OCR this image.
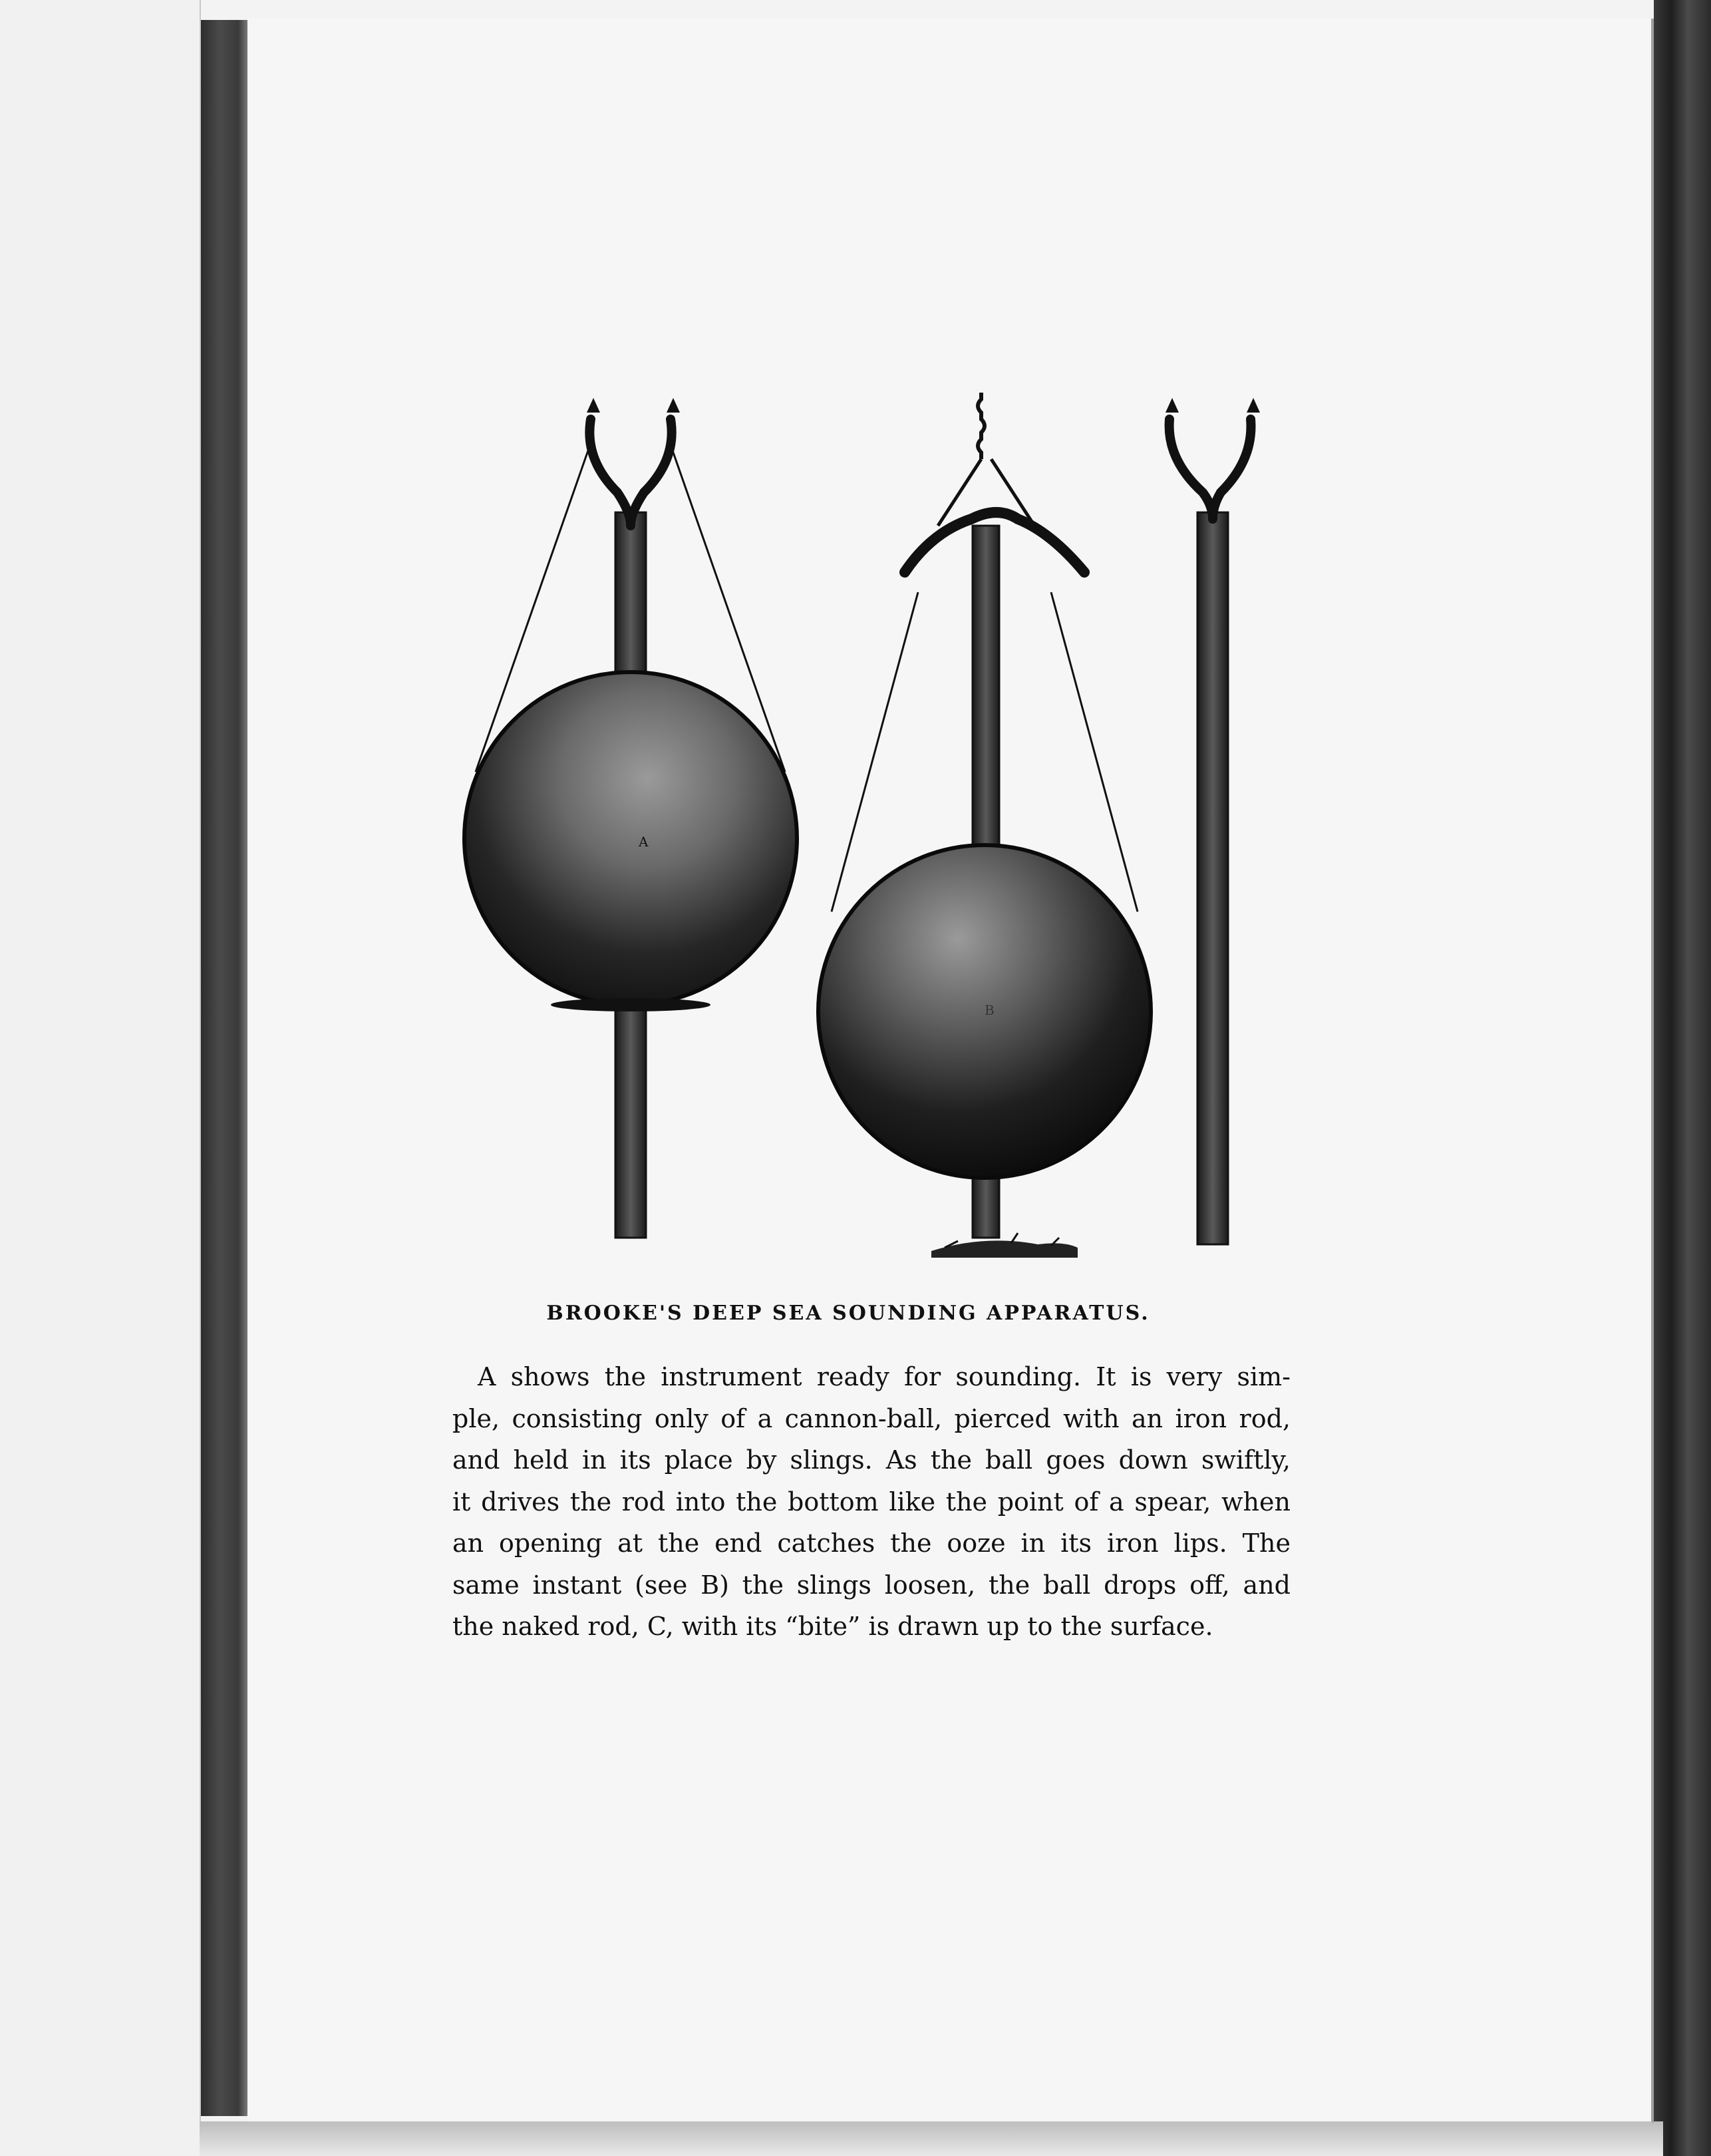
A
B
BROOKE'S DEEP SEA SOUNDING APPARATUS.
A shows the instrument ready for sounding. It is very sim-
ple, consisting only of a cannon-ball, pierced with an iron rod,
and held in its place by slings. As the ball goes down swiftly,
it drives the rod into the bottom like the point of a spear, when
an opening at the end catches the ooze in its iron lips. The
same instant (see B) the slings loosen, the ball drops off, and
the naked rod, C, with its “bite” is drawn up to the surface.
